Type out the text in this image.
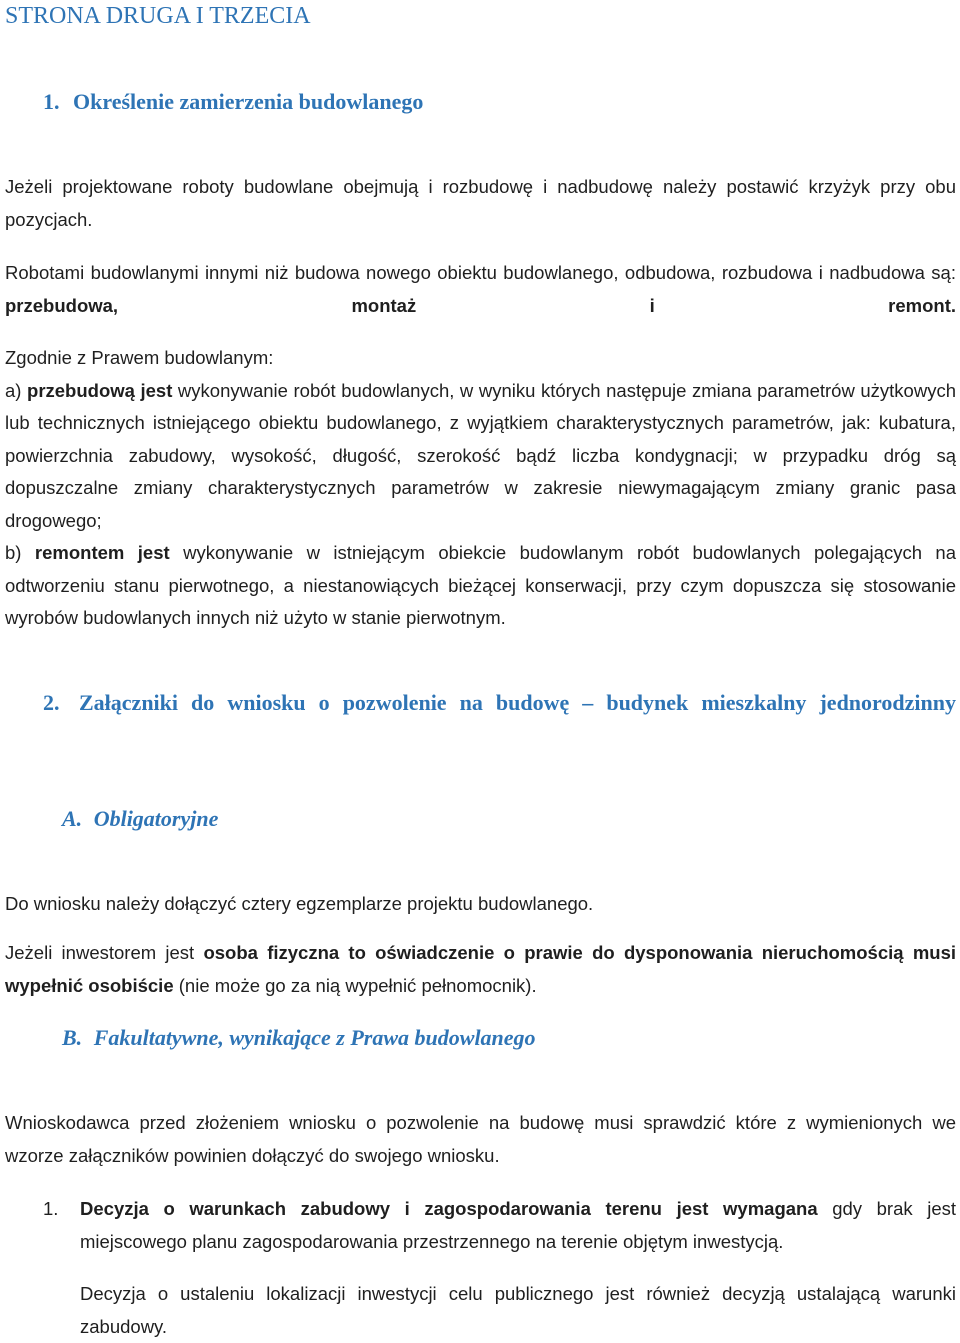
STRONA DRUGA I TRZECIA
1. Określenie zamierzenia budowlanego

Jeżeli projektowane roboty budowlane obejmują i rozbudowę i nadbudowę należy postawić krzyżyk przy obu pozycjach.

Robotami budowlanymi innymi niż budowa nowego obiektu budowlanego, odbudowa, rozbudowa i nadbudowa są: przebudowa, montaż i remont.

Zgodnie z Prawem budowlanym:
a) przebudową jest wykonywanie robót budowlanych, w wyniku których następuje zmiana parametrów użytkowych lub technicznych istniejącego obiektu budowlanego, z wyjątkiem charakterystycznych parametrów, jak: kubatura, powierzchnia zabudowy, wysokość, długość, szerokość bądź liczba kondygnacji; w przypadku dróg są dopuszczalne zmiany charakterystycznych parametrów w zakresie niewymagającym zmiany granic pasa drogowego;
b) remontem jest wykonywanie w istniejącym obiekcie budowlanym robót budowlanych polegających na odtworzeniu stanu pierwotnego, a niestanowiących bieżącej konserwacji, przy czym dopuszcza się stosowanie wyrobów budowlanych innych niż użyto w stanie pierwotnym.
2. Załączniki do wniosku o pozwolenie na budowę – budynek mieszkalny jednorodzinny
A. Obligatoryjne

Do wniosku należy dołączyć cztery egzemplarze projektu budowlanego.

Jeżeli inwestorem jest osoba fizyczna to oświadczenie o prawie do dysponowania nieruchomością musi wypełnić osobiście (nie może go za nią wypełnić pełnomocnik).

B. Fakultatywne, wynikające z Prawa budowlanego

Wnioskodawca przed złożeniem wniosku o pozwolenie na budowę musi sprawdzić które z wymienionych we wzorze załączników powinien dołączyć do swojego wniosku.

1. Decyzja o warunkach zabudowy i zagospodarowania terenu jest wymagana gdy brak jest miejscowego planu zagospodarowania przestrzennego na terenie objętym inwestycją.
Decyzja o ustaleniu lokalizacji inwestycji celu publicznego jest również decyzją ustalającą warunki zabudowy.
